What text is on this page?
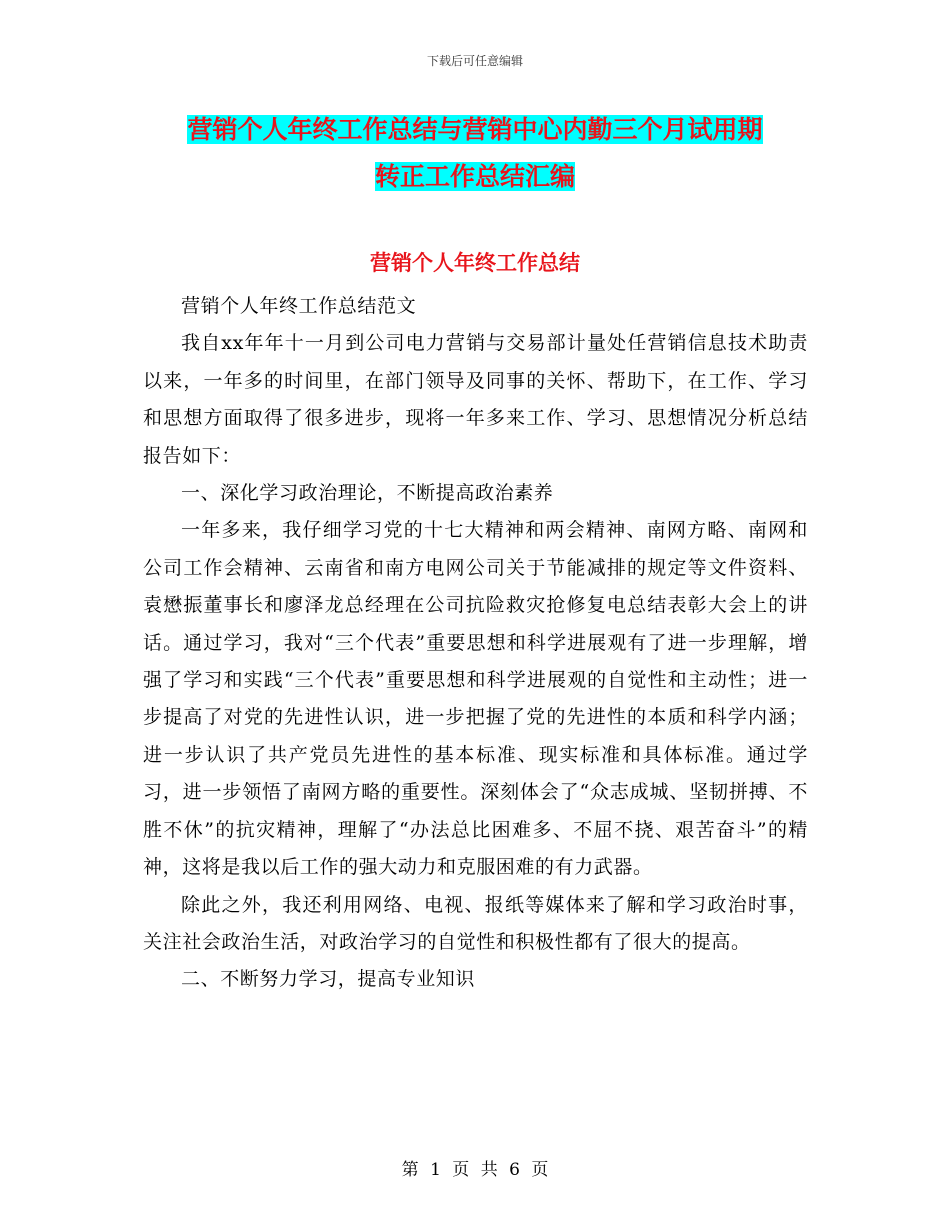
下载后可任意编辑
营销个人年终工作总结与营销中心内勤三个月试用期
转正工作总结汇编
营销个人年终工作总结

营销个人年终工作总结范文

我自xx年年十一月到公司电力营销与交易部计量处任营销信息技术助责以来，一年多的时间里，在部门领导及同事的关怀、帮助下，在工作、学习和思想方面取得了很多进步，现将一年多来工作、学习、思想情况分析总结报告如下：

一、深化学习政治理论，不断提高政治素养

一年多来，我仔细学习党的十七大精神和两会精神、南网方略、南网和公司工作会精神、云南省和南方电网公司关于节能减排的规定等文件资料、袁懋振董事长和廖泽龙总经理在公司抗险救灾抢修复电总结表彰大会上的讲话。通过学习，我对“三个代表”重要思想和科学进展观有了进一步理解，增强了学习和实践“三个代表”重要思想和科学进展观的自觉性和主动性；进一步提高了对党的先进性认识，进一步把握了党的先进性的本质和科学内涵；进一步认识了共产党员先进性的基本标准、现实标准和具体标准。通过学习，进一步领悟了南网方略的重要性。深刻体会了“众志成城、坚韧拼搏、不胜不休”的抗灾精神，理解了“办法总比困难多、不屈不挠、艰苦奋斗”的精神，这将是我以后工作的强大动力和克服困难的有力武器。

除此之外，我还利用网络、电视、报纸等媒体来了解和学习政治时事，关注社会政治生活，对政治学习的自觉性和积极性都有了很大的提高。

二、不断努力学习，提高专业知识

第 1 页 共 6 页
